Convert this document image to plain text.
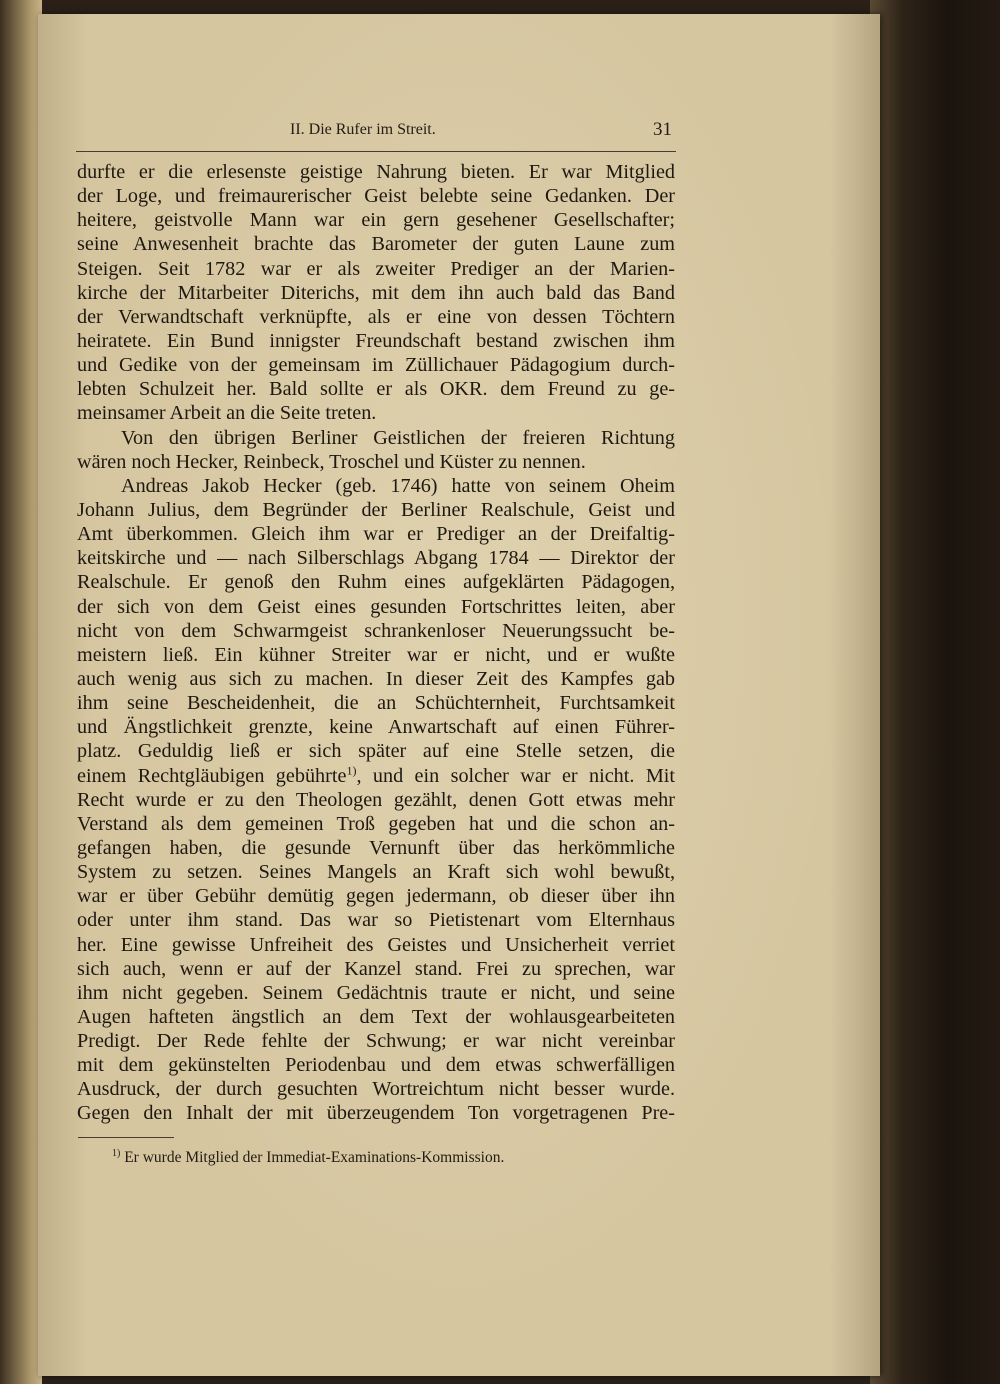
II. Die Rufer im Streit.	31
durfte er die erlesenste geistige Nahrung bieten. Er war Mitglied
der Loge, und freimaurerischer Geist belebte seine Gedanken. Der
heitere, geistvolle Mann war ein gern gesehener Gesellschafter;
seine Anwesenheit brachte das Barometer der guten Laune zum
Steigen. Seit 1782 war er als zweiter Prediger an der Marien-
kirche der Mitarbeiter Diterichs, mit dem ihn auch bald das Band
der Verwandtschaft verknüpfte, als er eine von dessen Töchtern
heiratete. Ein Bund innigster Freundschaft bestand zwischen ihm
und Gedike von der gemeinsam im Züllichauer Pädagogium durch-
lebten Schulzeit her. Bald sollte er als OKR. dem Freund zu ge-
meinsamer Arbeit an die Seite treten.
Von den übrigen Berliner Geistlichen der freieren Richtung
wären noch Hecker, Reinbeck, Troschel und Küster zu nennen.
Andreas Jakob Hecker (geb. 1746) hatte von seinem Oheim
Johann Julius, dem Begründer der Berliner Realschule, Geist und
Amt überkommen. Gleich ihm war er Prediger an der Dreifaltig-
keitskirche und — nach Silberschlags Abgang 1784 — Direktor der
Realschule. Er genoß den Ruhm eines aufgeklärten Pädagogen,
der sich von dem Geist eines gesunden Fortschrittes leiten, aber
nicht von dem Schwarmgeist schrankenloser Neuerungssucht be-
meistern ließ. Ein kühner Streiter war er nicht, und er wußte
auch wenig aus sich zu machen. In dieser Zeit des Kampfes gab
ihm seine Bescheidenheit, die an Schüchternheit, Furchtsamkeit
und Ängstlichkeit grenzte, keine Anwartschaft auf einen Führer-
platz. Geduldig ließ er sich später auf eine Stelle setzen, die
einem Rechtgläubigen gebührte$^{1)}$, und ein solcher war er nicht. Mit
Recht wurde er zu den Theologen gezählt, denen Gott etwas mehr
Verstand als dem gemeinen Troß gegeben hat und die schon an-
gefangen haben, die gesunde Vernunft über das herkömmliche
System zu setzen. Seines Mangels an Kraft sich wohl bewußt,
war er über Gebühr demütig gegen jedermann, ob dieser über ihn
oder unter ihm stand. Das war so Pietistenart vom Elternhaus
her. Eine gewisse Unfreiheit des Geistes und Unsicherheit verriet
sich auch, wenn er auf der Kanzel stand. Frei zu sprechen, war
ihm nicht gegeben. Seinem Gedächtnis traute er nicht, und seine
Augen hafteten ängstlich an dem Text der wohlausgearbeiteten
Predigt. Der Rede fehlte der Schwung; er war nicht vereinbar
mit dem gekünstelten Periodenbau und dem etwas schwerfälligen
Ausdruck, der durch gesuchten Wortreichtum nicht besser wurde.
Gegen den Inhalt der mit überzeugendem Ton vorgetragenen Pre-
$^{1)}$ Er wurde Mitglied der Immediat-Examinations-Kommission.
